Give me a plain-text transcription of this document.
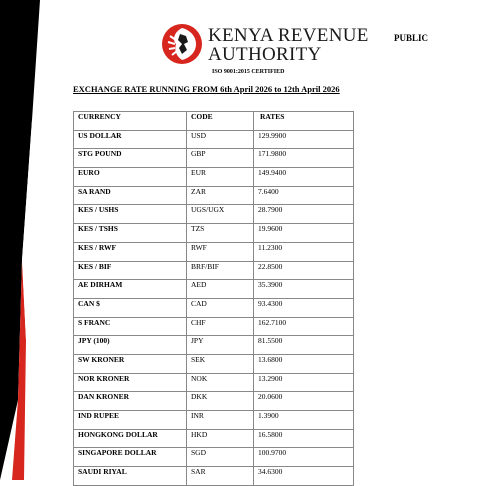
PUBLIC
KENYA REVENUE
AUTHORITY
ISO 9001:2015 CERTIFIED
EXCHANGE RATE RUNNING FROM 6th April 2026 to 12th April 2026
CURRENCY	CODE	RATES
US DOLLAR	USD	129.9900
STG POUND	GBP	171.9800
EURO	EUR	149.9400
SA RAND	ZAR	7.6400
KES / USHS	UGS/UGX	28.7900
KES / TSHS	TZS	19.9600
KES / RWF	RWF	11.2300
KES / BIF	BRF/BIF	22.8500
AE DIRHAM	AED	35.3900
CAN $	CAD	93.4300
S FRANC	CHF	162.7100
JPY (100)	JPY	81.5500
SW KRONER	SEK	13.6800
NOR KRONER	NOK	13.2900
DAN KRONER	DKK	20.0600
IND RUPEE	INR	1.3900
HONGKONG DOLLAR	HKD	16.5800
SINGAPORE DOLLAR	SGD	100.9700
SAUDI RIYAL	SAR	34.6300
